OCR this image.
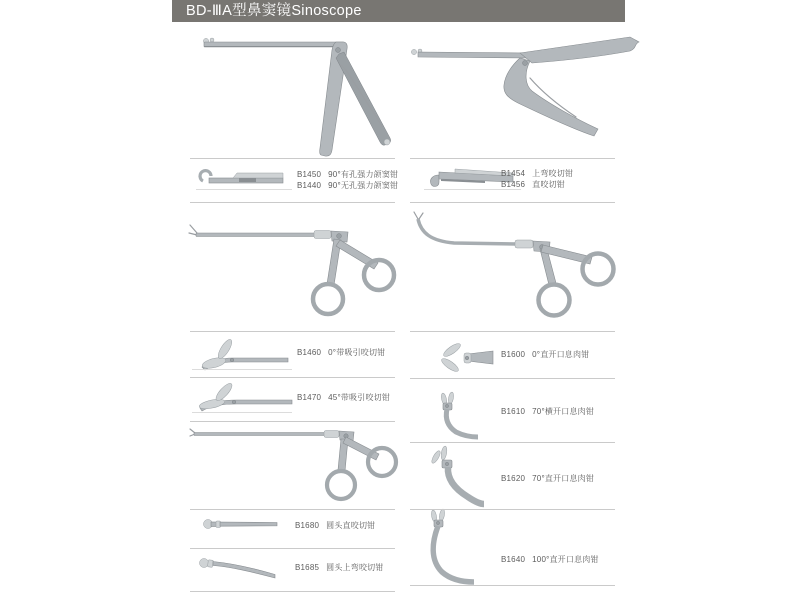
BD-ⅢA型鼻窦镜Sinoscope
B1450 90°有孔强力颌窦钳
B1440 90°无孔强力颌窦钳
B1454 上弯咬切钳
B1456 直咬切钳
B1460 0°带吸引咬切钳
B1470 45°带吸引咬切钳
B1600 0°直开口息肉钳
B1610 70°横开口息肉钳
B1620 70°直开口息肉钳
B1680 圆头直咬切钳
B1685 圆头上弯咬切钳
B1640 100°直开口息肉钳
